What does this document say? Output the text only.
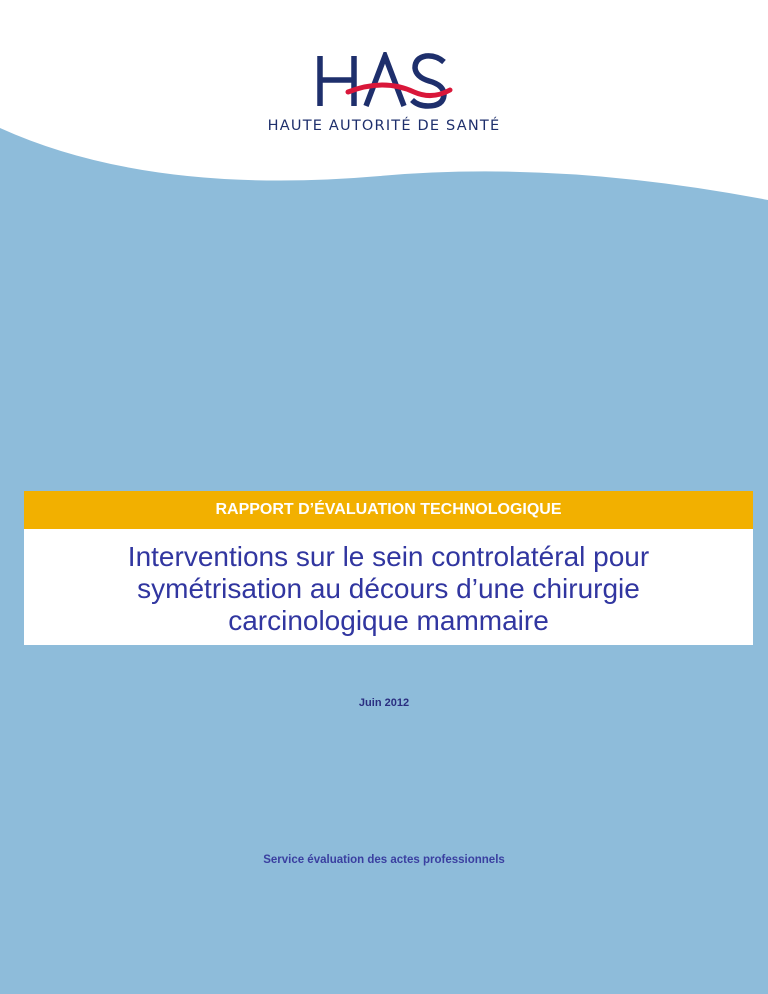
HAUTE AUTORITÉ DE SANTÉ
RAPPORT D’ÉVALUATION TECHNOLOGIQUE
Interventions sur le sein controlatéral pour
symétrisation au décours d’une chirurgie
carcinologique mammaire
Juin 2012
Service évaluation des actes professionnels
